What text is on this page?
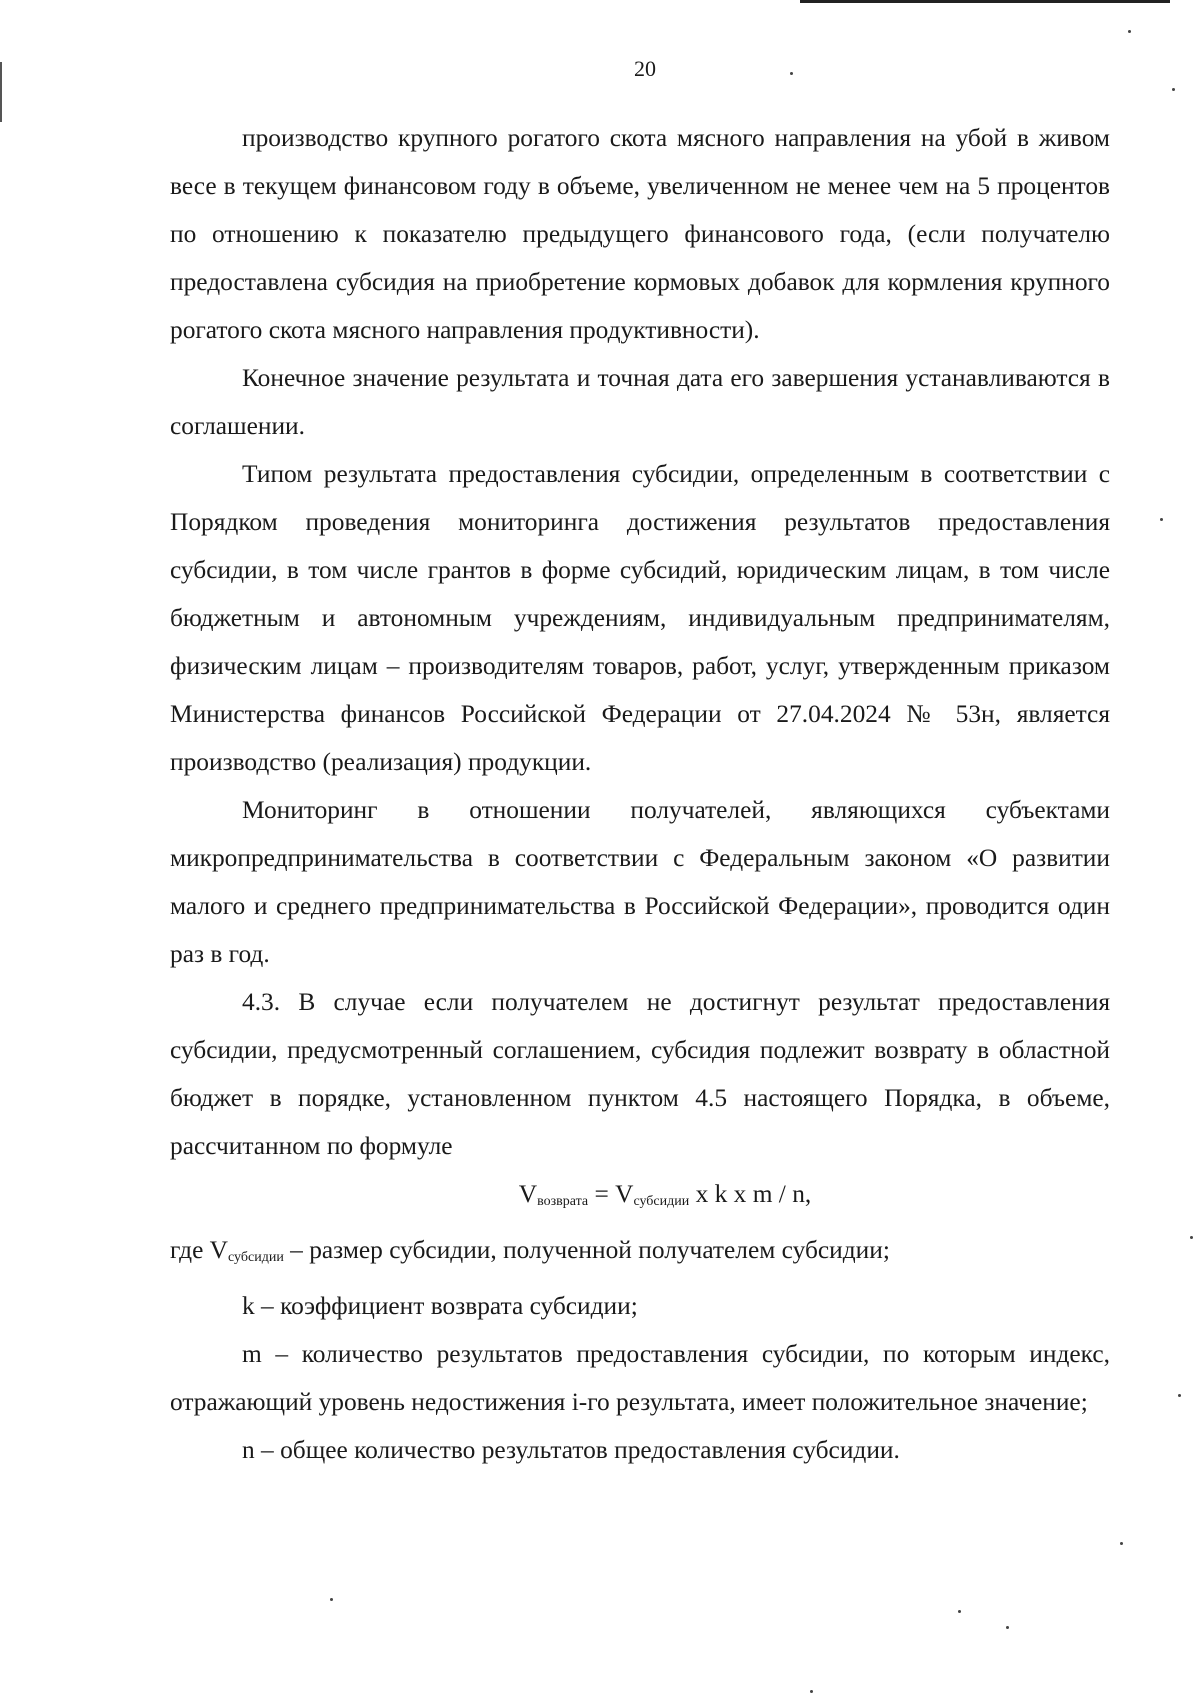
20

производство крупного рогатого скота мясного направления на убой в живом весе в текущем финансовом году в объеме, увеличенном не менее чем на 5 процентов по отношению к показателю предыдущего финансового года, (если получателю предоставлена субсидия на приобретение кормовых добавок для кормления крупного рогатого скота мясного направления продуктивности).

Конечное значение результата и точная дата его завершения устанавливаются в соглашении.

Типом результата предоставления субсидии, определенным в соответствии с Порядком проведения мониторинга достижения результатов предоставления субсидии, в том числе грантов в форме субсидий, юридическим лицам, в том числе бюджетным и автономным учреждениям, индивидуальным предпринимателям, физическим лицам – производителям товаров, работ, услуг, утвержденным приказом Министерства финансов Российской Федерации от 27.04.2024 № 53н, является производство (реализация) продукции.

Мониторинг в отношении получателей, являющихся субъектами микропредпринимательства в соответствии с Федеральным законом «О развитии малого и среднего предпринимательства в Российской Федерации», проводится один раз в год.

4.3. В случае если получателем не достигнут результат предоставления субсидии, предусмотренный соглашением, субсидия подлежит возврату в областной бюджет в порядке, установленном пунктом 4.5 настоящего Порядка, в объеме, рассчитанном по формуле

$V_{возврата} = V_{субсидии}$ x k x m / n,

где $V_{субсидии}$ – размер субсидии, полученной получателем субсидии;

k – коэффициент возврата субсидии;

m – количество результатов предоставления субсидии, по которым индекс, отражающий уровень недостижения i-го результата, имеет положительное значение;

n – общее количество результатов предоставления субсидии.
